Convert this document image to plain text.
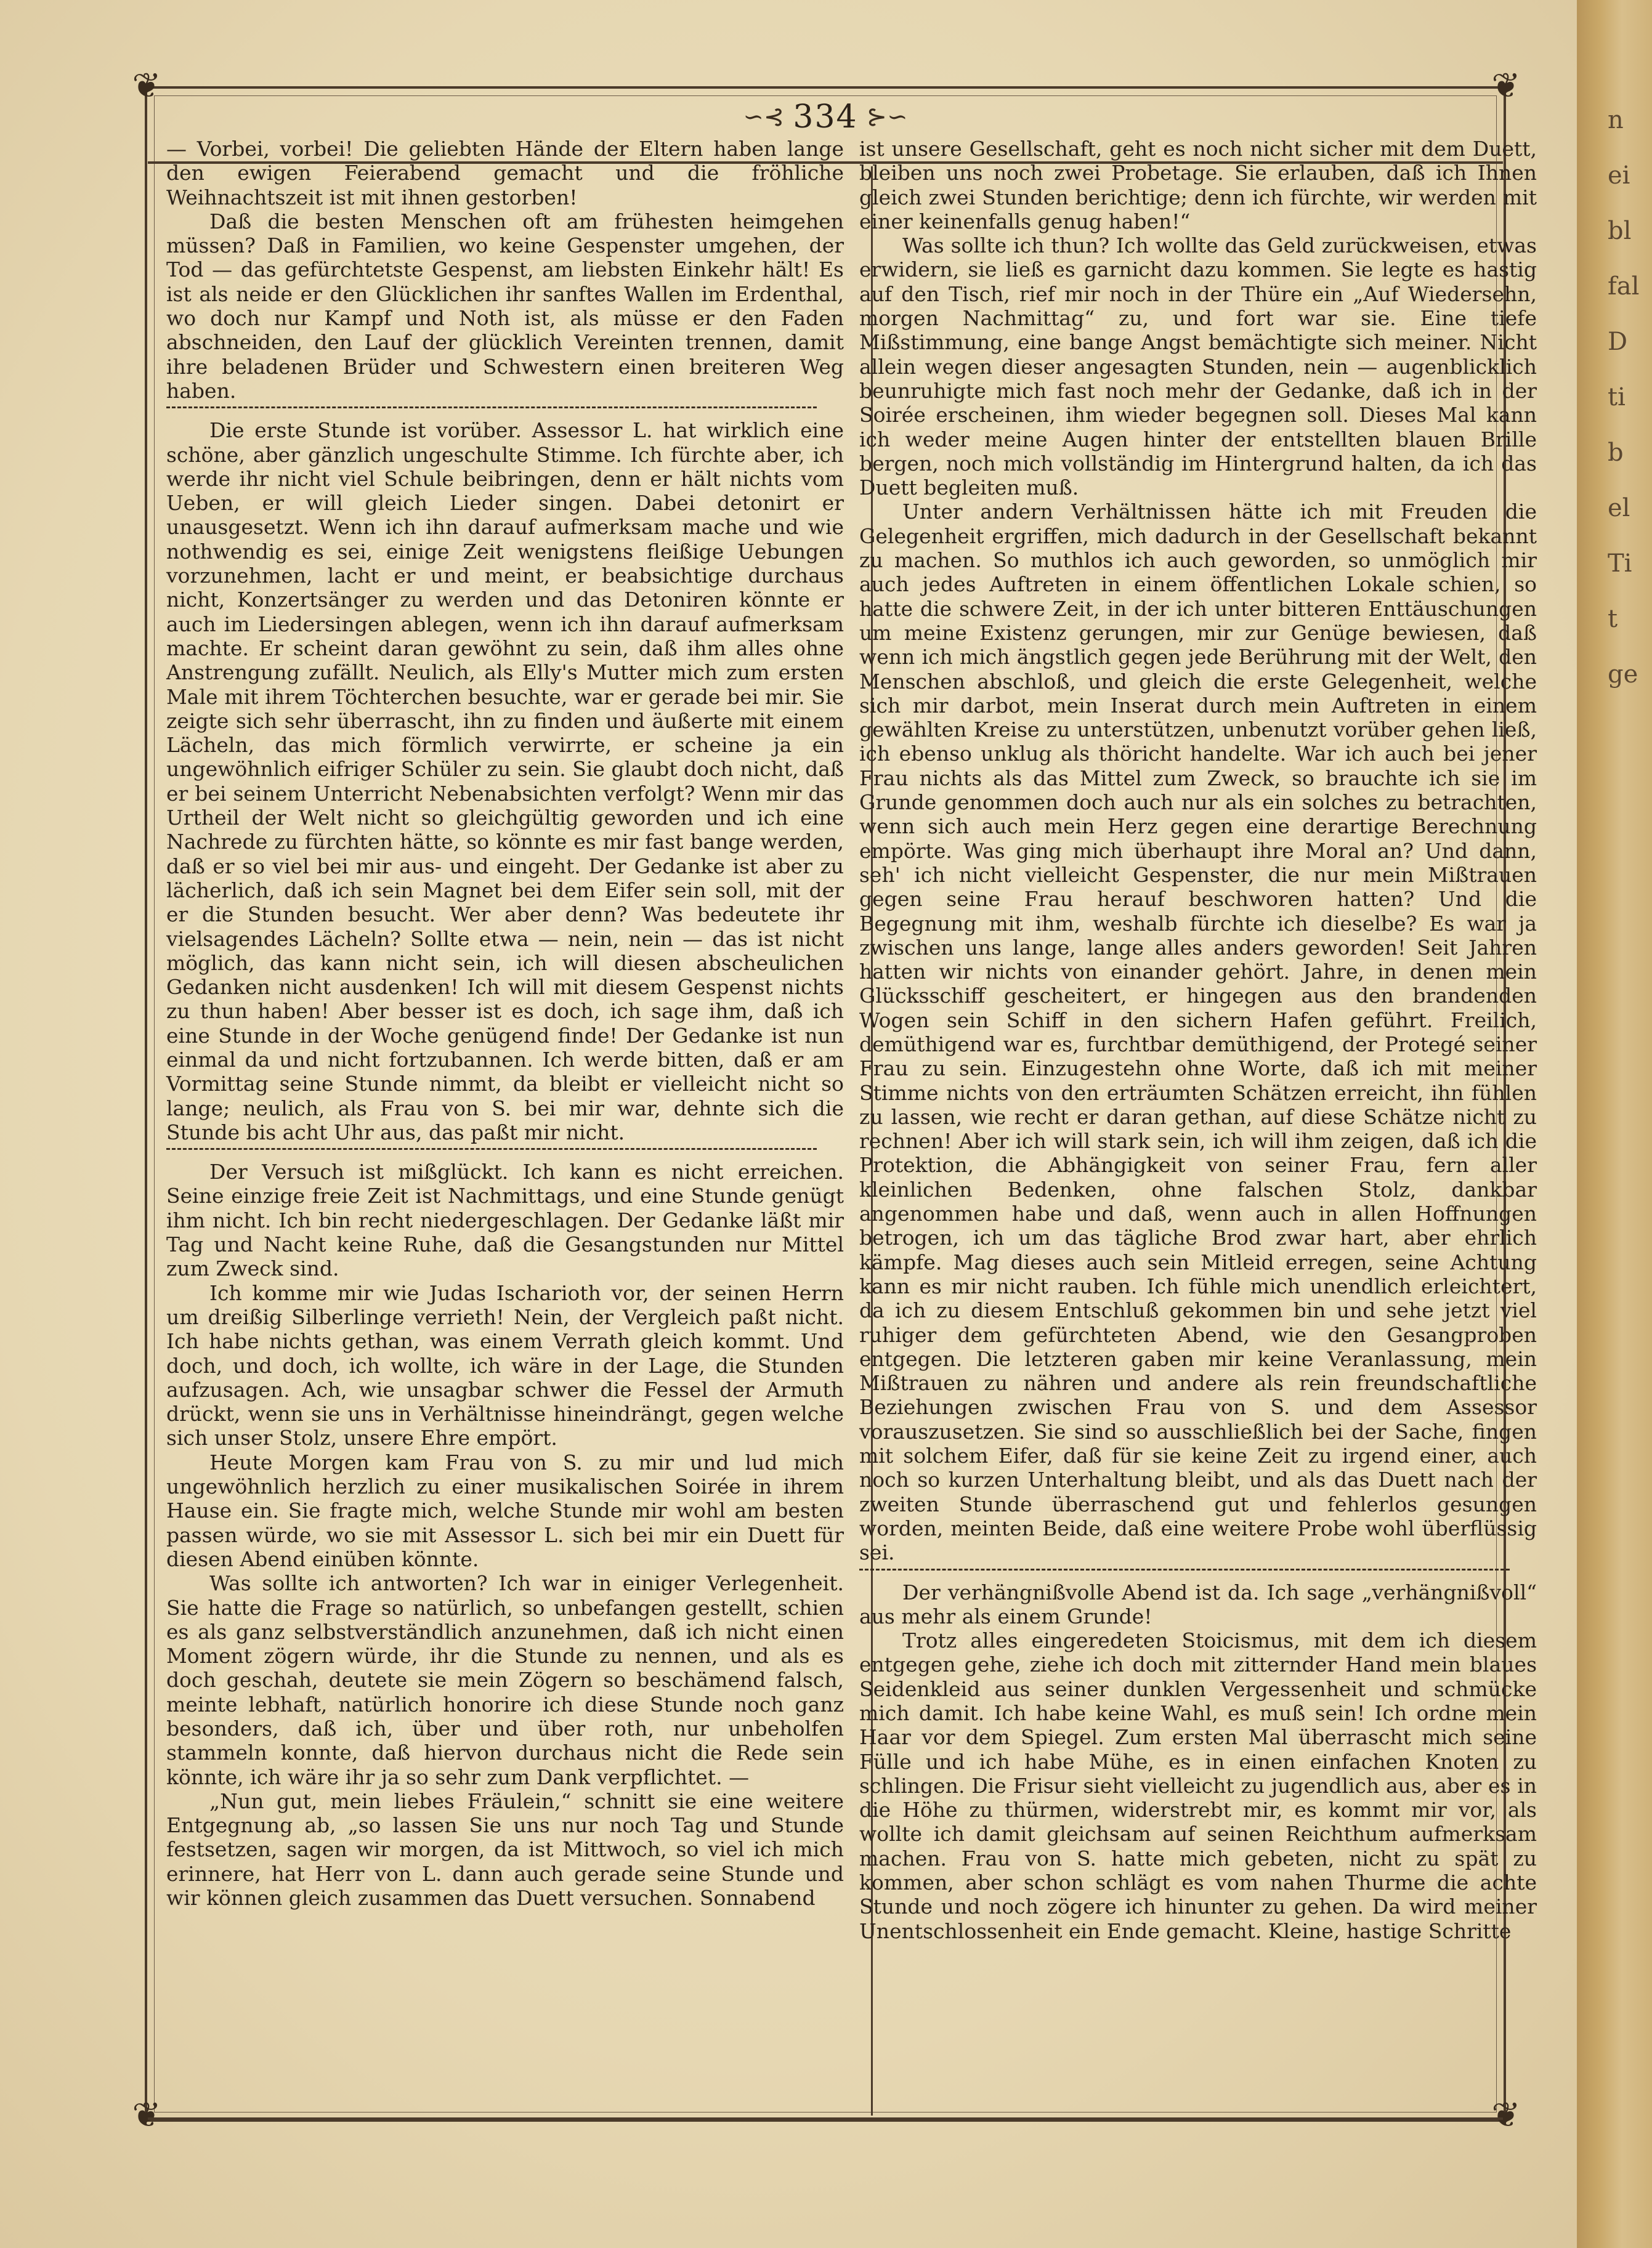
n
ei
bl
fal
D
ti
b
el
Ti
t
ge
❦	❦
❦	❦
∽⊰ 334 ⊱∽

— Vorbei, vorbei! Die geliebten Hände der Eltern haben lange den ewigen Feierabend gemacht und die fröhliche Weihnachtszeit ist mit ihnen gestorben!

Daß die besten Menschen oft am frühesten heimgehen müssen? Daß in Familien, wo keine Gespenster umgehen, der Tod — das gefürchtetste Gespenst, am liebsten Einkehr hält! Es ist als neide er den Glücklichen ihr sanftes Wallen im Erdenthal, wo doch nur Kampf und Noth ist, als müsse er den Faden abschneiden, den Lauf der glücklich Vereinten trennen, damit ihre beladenen Brüder und Schwestern einen breiteren Weg haben.

Die erste Stunde ist vorüber. Assessor L. hat wirklich eine schöne, aber gänzlich ungeschulte Stimme. Ich fürchte aber, ich werde ihr nicht viel Schule beibringen, denn er hält nichts vom Ueben, er will gleich Lieder singen. Dabei detonirt er unausgesetzt. Wenn ich ihn darauf aufmerksam mache und wie nothwendig es sei, einige Zeit wenigstens fleißige Uebungen vorzunehmen, lacht er und meint, er beabsichtige durchaus nicht, Konzertsänger zu werden und das Detoniren könnte er auch im Liedersingen ablegen, wenn ich ihn darauf aufmerksam machte. Er scheint daran gewöhnt zu sein, daß ihm alles ohne Anstrengung zufällt. Neulich, als Elly's Mutter mich zum ersten Male mit ihrem Töchterchen besuchte, war er gerade bei mir. Sie zeigte sich sehr überrascht, ihn zu finden und äußerte mit einem Lächeln, das mich förmlich verwirrte, er scheine ja ein ungewöhnlich eifriger Schüler zu sein. Sie glaubt doch nicht, daß er bei seinem Unterricht Nebenabsichten verfolgt? Wenn mir das Urtheil der Welt nicht so gleichgültig geworden und ich eine Nachrede zu fürchten hätte, so könnte es mir fast bange werden, daß er so viel bei mir aus- und eingeht. Der Gedanke ist aber zu lächerlich, daß ich sein Magnet bei dem Eifer sein soll, mit der er die Stunden besucht. Wer aber denn? Was bedeutete ihr vielsagendes Lächeln? Sollte etwa — nein, nein — das ist nicht möglich, das kann nicht sein, ich will diesen abscheulichen Gedanken nicht ausdenken! Ich will mit diesem Gespenst nichts zu thun haben! Aber besser ist es doch, ich sage ihm, daß ich eine Stunde in der Woche genügend finde! Der Gedanke ist nun einmal da und nicht fortzubannen. Ich werde bitten, daß er am Vormittag seine Stunde nimmt, da bleibt er vielleicht nicht so lange; neulich, als Frau von S. bei mir war, dehnte sich die Stunde bis acht Uhr aus, das paßt mir nicht.

Der Versuch ist mißglückt. Ich kann es nicht erreichen. Seine einzige freie Zeit ist Nachmittags, und eine Stunde genügt ihm nicht. Ich bin recht niedergeschlagen. Der Gedanke läßt mir Tag und Nacht keine Ruhe, daß die Gesangstunden nur Mittel zum Zweck sind.

Ich komme mir wie Judas Ischarioth vor, der seinen Herrn um dreißig Silberlinge verrieth! Nein, der Vergleich paßt nicht. Ich habe nichts gethan, was einem Verrath gleich kommt. Und doch, und doch, ich wollte, ich wäre in der Lage, die Stunden aufzusagen. Ach, wie unsagbar schwer die Fessel der Armuth drückt, wenn sie uns in Verhältnisse hineindrängt, gegen welche sich unser Stolz, unsere Ehre empört.

Heute Morgen kam Frau von S. zu mir und lud mich ungewöhnlich herzlich zu einer musikalischen Soirée in ihrem Hause ein. Sie fragte mich, welche Stunde mir wohl am besten passen würde, wo sie mit Assessor L. sich bei mir ein Duett für diesen Abend einüben könnte.

Was sollte ich antworten? Ich war in einiger Verlegenheit. Sie hatte die Frage so natürlich, so unbefangen gestellt, schien es als ganz selbstverständlich anzunehmen, daß ich nicht einen Moment zögern würde, ihr die Stunde zu nennen, und als es doch geschah, deutete sie mein Zögern so beschämend falsch, meinte lebhaft, natürlich honorire ich diese Stunde noch ganz besonders, daß ich, über und über roth, nur unbeholfen stammeln konnte, daß hiervon durchaus nicht die Rede sein könnte, ich wäre ihr ja so sehr zum Dank verpflichtet. —

„Nun gut, mein liebes Fräulein,“ schnitt sie eine weitere Entgegnung ab, „so lassen Sie uns nur noch Tag und Stunde festsetzen, sagen wir morgen, da ist Mittwoch, so viel ich mich erinnere, hat Herr von L. dann auch gerade seine Stunde und wir können gleich zusammen das Duett versuchen. Sonnabend

ist unsere Gesellschaft, geht es noch nicht sicher mit dem Duett, bleiben uns noch zwei Probetage. Sie erlauben, daß ich Ihnen gleich zwei Stunden berichtige; denn ich fürchte, wir werden mit einer keinenfalls genug haben!“

Was sollte ich thun? Ich wollte das Geld zurückweisen, etwas erwidern, sie ließ es garnicht dazu kommen. Sie legte es hastig auf den Tisch, rief mir noch in der Thüre ein „Auf Wiedersehn, morgen Nachmittag“ zu, und fort war sie. Eine tiefe Mißstimmung, eine bange Angst bemächtigte sich meiner. Nicht allein wegen dieser angesagten Stunden, nein — augenblicklich beunruhigte mich fast noch mehr der Gedanke, daß ich in der Soirée erscheinen, ihm wieder begegnen soll. Dieses Mal kann ich weder meine Augen hinter der entstellten blauen Brille bergen, noch mich vollständig im Hintergrund halten, da ich das Duett begleiten muß.

Unter andern Verhältnissen hätte ich mit Freuden die Gelegenheit ergriffen, mich dadurch in der Gesellschaft bekannt zu machen. So muthlos ich auch geworden, so unmöglich mir auch jedes Auftreten in einem öffentlichen Lokale schien, so hatte die schwere Zeit, in der ich unter bitteren Enttäuschungen um meine Existenz gerungen, mir zur Genüge bewiesen, daß wenn ich mich ängstlich gegen jede Berührung mit der Welt, den Menschen abschloß, und gleich die erste Gelegenheit, welche sich mir darbot, mein Inserat durch mein Auftreten in einem gewählten Kreise zu unterstützen, unbenutzt vorüber gehen ließ, ich ebenso unklug als thöricht handelte. War ich auch bei jener Frau nichts als das Mittel zum Zweck, so brauchte ich sie im Grunde genommen doch auch nur als ein solches zu betrachten, wenn sich auch mein Herz gegen eine derartige Berechnung empörte. Was ging mich überhaupt ihre Moral an? Und dann, seh' ich nicht vielleicht Gespenster, die nur mein Mißtrauen gegen seine Frau herauf beschworen hatten? Und die Begegnung mit ihm, weshalb fürchte ich dieselbe? Es war ja zwischen uns lange, lange alles anders geworden! Seit Jahren hatten wir nichts von einander gehört. Jahre, in denen mein Glücksschiff gescheitert, er hingegen aus den brandenden Wogen sein Schiff in den sichern Hafen geführt. Freilich, demüthigend war es, furchtbar demüthigend, der Protegé seiner Frau zu sein. Einzugestehn ohne Worte, daß ich mit meiner Stimme nichts von den erträumten Schätzen erreicht, ihn fühlen zu lassen, wie recht er daran gethan, auf diese Schätze nicht zu rechnen! Aber ich will stark sein, ich will ihm zeigen, daß ich die Protektion, die Abhängigkeit von seiner Frau, fern aller kleinlichen Bedenken, ohne falschen Stolz, dankbar angenommen habe und daß, wenn auch in allen Hoffnungen betrogen, ich um das tägliche Brod zwar hart, aber ehrlich kämpfe. Mag dieses auch sein Mitleid erregen, seine Achtung kann es mir nicht rauben. Ich fühle mich unendlich erleichtert, da ich zu diesem Entschluß gekommen bin und sehe jetzt viel ruhiger dem gefürchteten Abend, wie den Gesangproben entgegen. Die letzteren gaben mir keine Veranlassung, mein Mißtrauen zu nähren und andere als rein freundschaftliche Beziehungen zwischen Frau von S. und dem Assessor vorauszusetzen. Sie sind so ausschließlich bei der Sache, fingen mit solchem Eifer, daß für sie keine Zeit zu irgend einer, auch noch so kurzen Unterhaltung bleibt, und als das Duett nach der zweiten Stunde überraschend gut und fehlerlos gesungen worden, meinten Beide, daß eine weitere Probe wohl überflüssig sei.

Der verhängnißvolle Abend ist da. Ich sage „verhängnißvoll“ aus mehr als einem Grunde!

Trotz alles eingeredeten Stoicismus, mit dem ich diesem entgegen gehe, ziehe ich doch mit zitternder Hand mein blaues Seidenkleid aus seiner dunklen Vergessenheit und schmücke mich damit. Ich habe keine Wahl, es muß sein! Ich ordne mein Haar vor dem Spiegel. Zum ersten Mal überrascht mich seine Fülle und ich habe Mühe, es in einen einfachen Knoten zu schlingen. Die Frisur sieht vielleicht zu jugendlich aus, aber es in die Höhe zu thürmen, widerstrebt mir, es kommt mir vor, als wollte ich damit gleichsam auf seinen Reichthum aufmerksam machen. Frau von S. hatte mich gebeten, nicht zu spät zu kommen, aber schon schlägt es vom nahen Thurme die achte Stunde und noch zögere ich hinunter zu gehen. Da wird meiner Unentschlossenheit ein Ende gemacht. Kleine, hastige Schritte
